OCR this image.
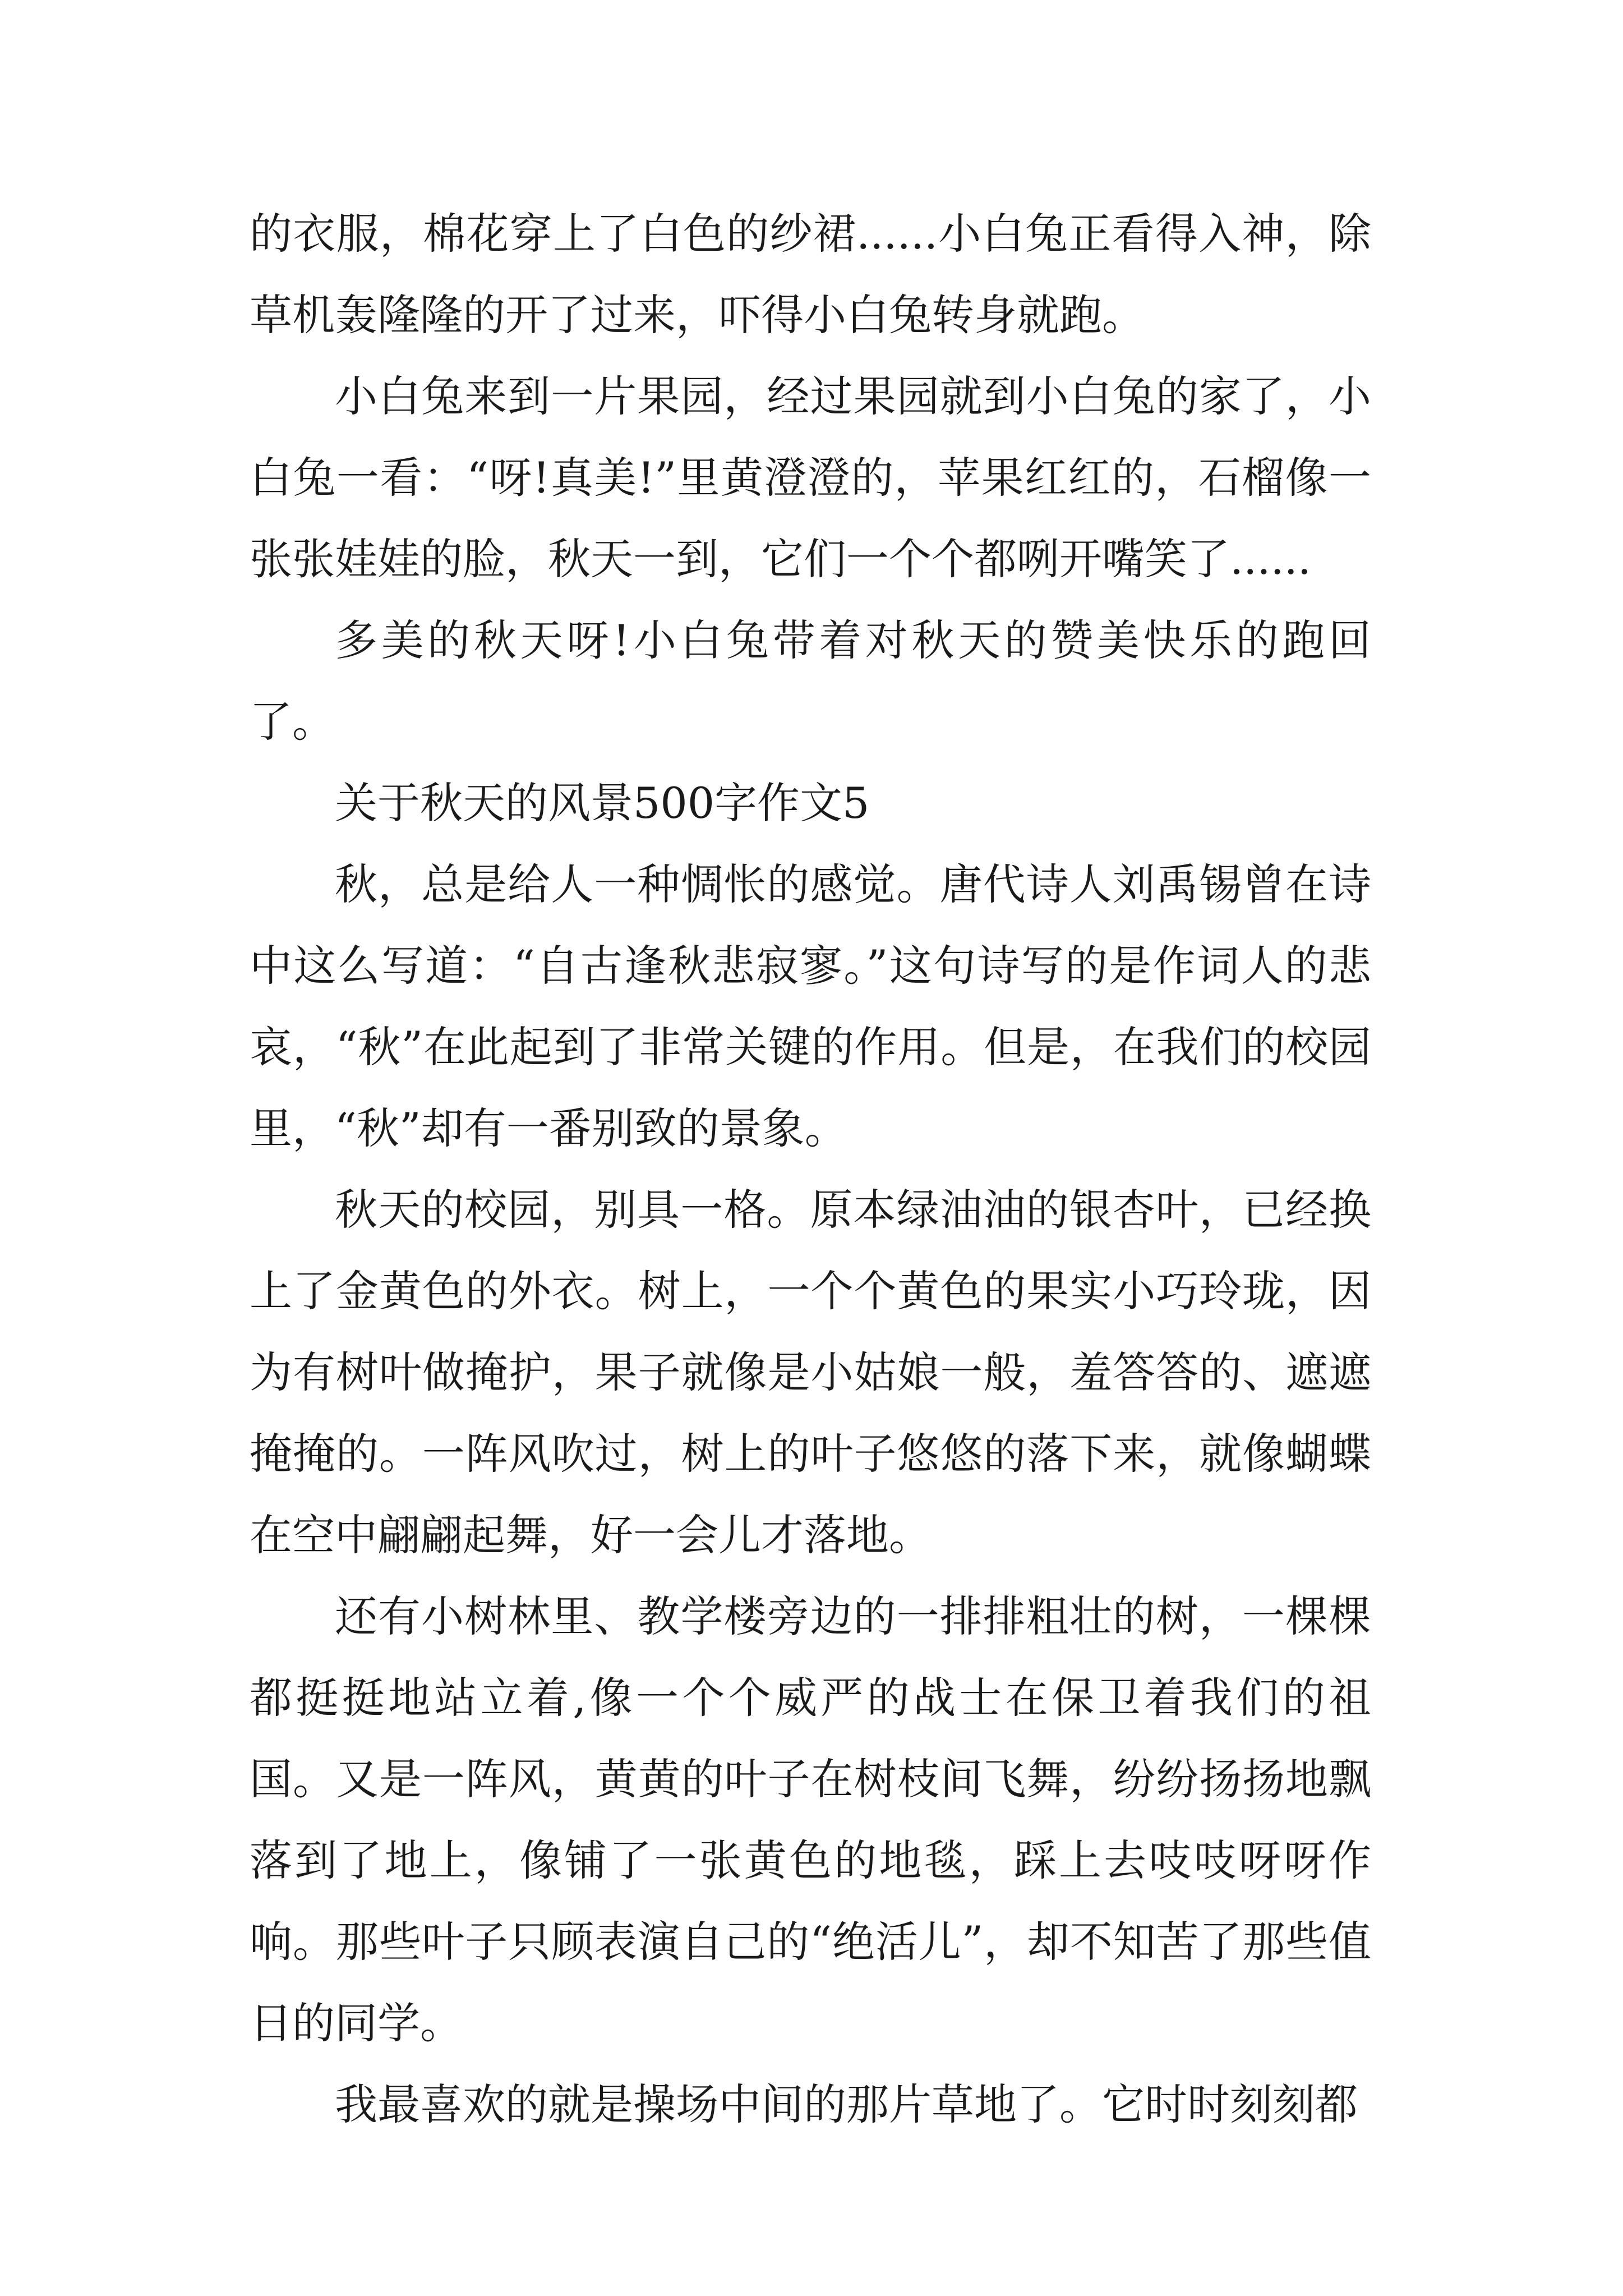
的衣服，棉花穿上了白色的纱裙......小白兔正看得入神，除草机轰隆隆的开了过来，吓得小白兔转身就跑。

小白兔来到一片果园，经过果园就到小白兔的家了，小白兔一看：“呀!真美!”里黄澄澄的，苹果红红的，石榴像一张张娃娃的脸，秋天一到，它们一个个都咧开嘴笑了......

多美的秋天呀!小白兔带着对秋天的赞美快乐的跑回了。

关于秋天的风景500字作文5

秋，总是给人一种惆怅的感觉。唐代诗人刘禹锡曾在诗中这么写道：“自古逢秋悲寂寥。”这句诗写的是作词人的悲哀，“秋”在此起到了非常关键的作用。但是，在我们的校园里，“秋”却有一番别致的景象。

秋天的校园，别具一格。原本绿油油的银杏叶，已经换上了金黄色的外衣。树上，一个个黄色的果实小巧玲珑，因为有树叶做掩护，果子就像是小姑娘一般，羞答答的、遮遮掩掩的。一阵风吹过，树上的叶子悠悠的落下来，就像蝴蝶在空中翩翩起舞，好一会儿才落地。

还有小树林里、教学楼旁边的一排排粗壮的树，一棵棵都挺挺地站立着,像一个个威严的战士在保卫着我们的祖国。又是一阵风，黄黄的叶子在树枝间飞舞，纷纷扬扬地飘落到了地上，像铺了一张黄色的地毯，踩上去吱吱呀呀作响。那些叶子只顾表演自己的“绝活儿”，却不知苦了那些值日的同学。

我最喜欢的就是操场中间的那片草地了。它时时刻刻都
